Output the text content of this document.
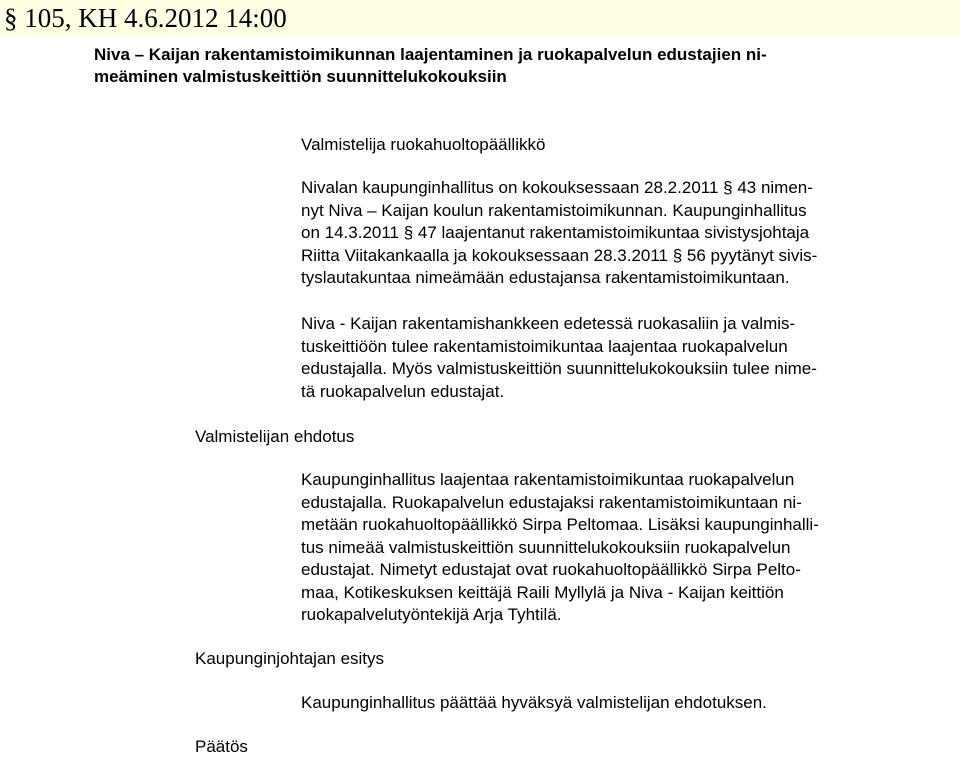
§ 105, KH 4.6.2012 14:00
Niva – Kaijan rakentamistoimikunnan laajentaminen ja ruokapalvelun edustajien ni-
meäminen valmistuskeittiön suunnittelukokouksiin
Valmistelija ruokahuoltopäällikkö
Nivalan kaupunginhallitus on kokouksessaan 28.2.2011 § 43 nimen-
nyt Niva – Kaijan koulun rakentamistoimikunnan. Kaupunginhallitus
on 14.3.2011 § 47 laajentanut rakentamistoimikuntaa sivistysjohtaja
Riitta Viitakankaalla ja kokouksessaan 28.3.2011 § 56 pyytänyt sivis-
tyslautakuntaa nimeämään edustajansa rakentamistoimikuntaan.
Niva - Kaijan rakentamishankkeen edetessä ruokasaliin ja valmis-
tuskeittiöön tulee rakentamistoimikuntaa laajentaa ruokapalvelun
edustajalla. Myös valmistuskeittiön suunnittelukokouksiin tulee nime-
tä ruokapalvelun edustajat.
Valmistelijan ehdotus
Kaupunginhallitus laajentaa rakentamistoimikuntaa ruokapalvelun
edustajalla. Ruokapalvelun edustajaksi rakentamistoimikuntaan ni-
metään ruokahuoltopäällikkö Sirpa Peltomaa. Lisäksi kaupunginhalli-
tus nimeää valmistuskeittiön suunnittelukokouksiin ruokapalvelun
edustajat. Nimetyt edustajat ovat ruokahuoltopäällikkö Sirpa Pelto-
maa, Kotikeskuksen keittäjä Raili Myllylä ja Niva - Kaijan keittiön
ruokapalvelutyöntekijä Arja Tyhtilä.
Kaupunginjohtajan esitys
Kaupunginhallitus päättää hyväksyä valmistelijan ehdotuksen.
Päätös
